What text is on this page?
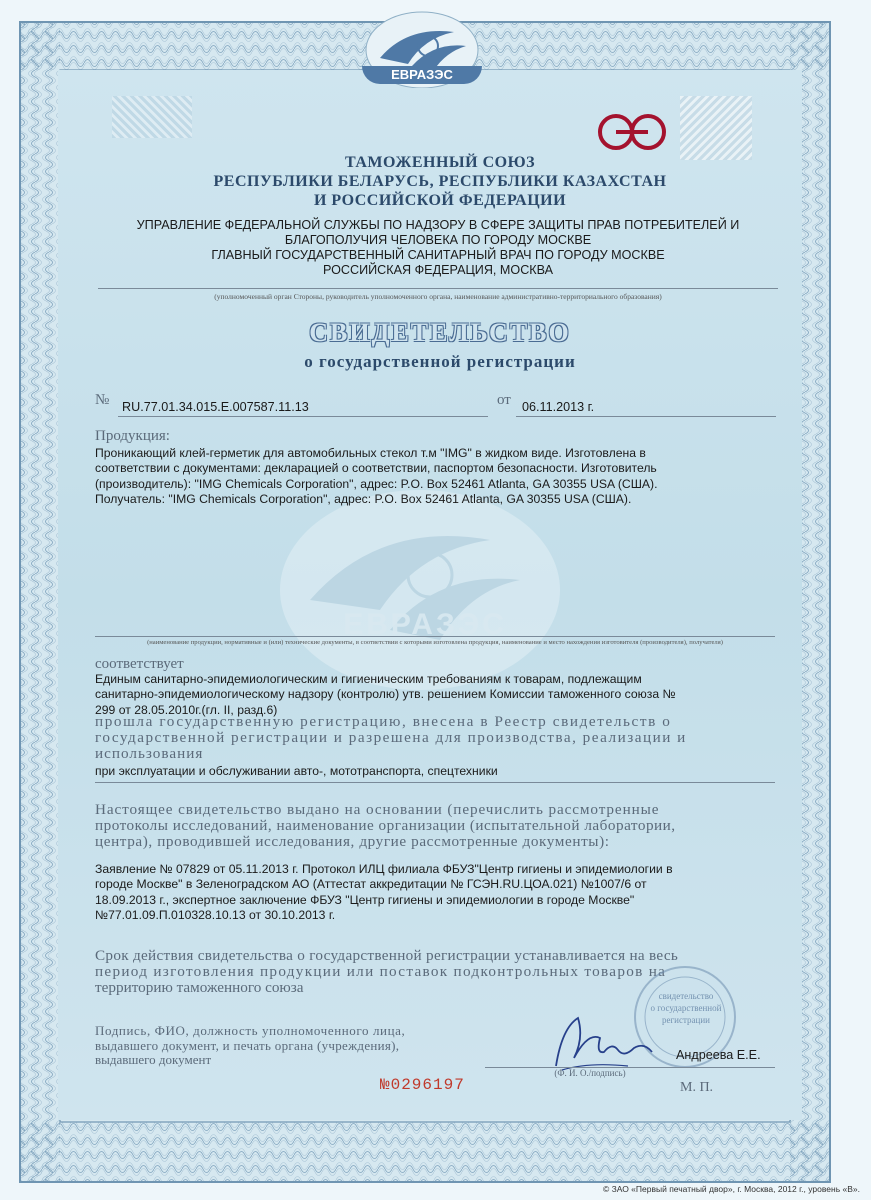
ЕВРАЗЭС
ЕВРАЗЭС
ТАМОЖЕННЫЙ СОЮЗ
РЕСПУБЛИКИ БЕЛАРУСЬ, РЕСПУБЛИКИ КАЗАХСТАН
И РОССИЙСКОЙ ФЕДЕРАЦИИ
УПРАВЛЕНИЕ ФЕДЕРАЛЬНОЙ СЛУЖБЫ ПО НАДЗОРУ В СФЕРЕ ЗАЩИТЫ ПРАВ ПОТРЕБИТЕЛЕЙ И
БЛАГОПОЛУЧИЯ ЧЕЛОВЕКА ПО ГОРОДУ МОСКВЕ
ГЛАВНЫЙ ГОСУДАРСТВЕННЫЙ САНИТАРНЫЙ ВРАЧ ПО ГОРОДУ МОСКВЕ
РОССИЙСКАЯ ФЕДЕРАЦИЯ, МОСКВА
(уполномоченный орган Стороны, руководитель уполномоченного органа, наименование административно-территориального образования)
СВИДЕТЕЛЬСТВО
о государственной регистрации
№ RU.77.01.34.015.Е.007587.11.13	от 06.11.2013 г.
Продукция:
Проникающий клей-герметик для автомобильных стекол т.м "IMG" в жидком виде. Изготовлена в
соответствии с документами: декларацией о соответствии, паспортом безопасности. Изготовитель
(производитель): "IMG Chemicals Corporation", адрес: P.O. Box 52461 Atlanta, GA 30355 USA (США).
Получатель: "IMG Chemicals Corporation", адрес: P.O. Box 52461 Atlanta, GA 30355 USA (США).
(наименование продукции, нормативные и (или) технические документы, в соответствии с которыми изготовлена продукция, наименование и место нахождения изготовителя (производителя), получателя)
соответствует
Единым санитарно-эпидемиологическим и гигиеническим требованиям к товарам, подлежащим
санитарно-эпидемиологическому надзору (контролю) утв. решением Комиссии таможенного союза №
299 от 28.05.2010г.(гл. II, разд.6)
прошла государственную регистрацию, внесена в Реестр свидетельств о
государственной регистрации и разрешена для производства, реализации и
использования
при эксплуатации и обслуживании авто-, мототранспорта, спецтехники
Настоящее свидетельство выдано на основании (перечислить рассмотренные
протоколы исследований, наименование организации (испытательной лаборатории,
центра), проводившей исследования, другие рассмотренные документы):
Заявление № 07829 от 05.11.2013 г. Протокол ИЛЦ филиала ФБУЗ"Центр гигиены и эпидемиологии в
городе Москве" в Зеленоградском АО (Аттестат аккредитации № ГСЭН.RU.ЦОА.021) №1007/6 от
18.09.2013 г., экспертное заключение ФБУЗ "Центр гигиены и эпидемиологии в городе Москве"
№77.01.09.П.010328.10.13 от 30.10.2013 г.
Срок действия свидетельства о государственной регистрации устанавливается на весь
период изготовления продукции или поставок подконтрольных товаров на
территорию таможенного союза	свидетельство
о государственной
регистрации
Подпись, ФИО, должность уполномоченного лица,
выдавшего документ, и печать органа (учреждения),
выдавшего документ	Андреева Е.Е.
(Ф. И. О./подпись)
№0296197	М. П.
© ЗАО «Первый печатный двор», г. Москва, 2012 г., уровень «В».
